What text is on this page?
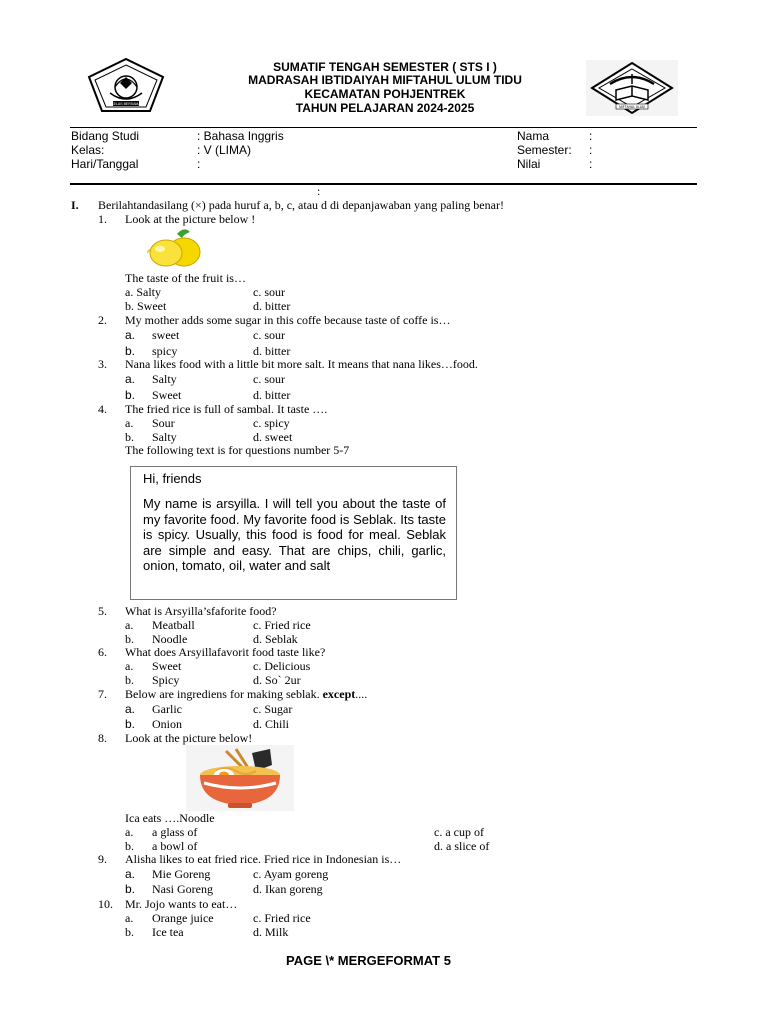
KELAS BERSAMA
MIFTAHUL ULUM
SUMATIF TENGAH SEMESTER ( STS I )
MADRASAH IBTIDAIYAH MIFTAHUL ULUM TIDU
KECAMATAN POHJENTREK
TAHUN PELAJARAN 2024-2025
Bidang Studi	: Bahasa Inggris
Kelas:	: V (LIMA)
Hari/Tanggal	:
Nama	:
Semester: :
Nilai	:
:
I. Berilahtandasilang (×) pada huruf a, b, c, atau d di depanjawaban yang paling benar!
1. Look at the picture below !
The taste of the fruit is…
a. Salty	c. sour
b. Sweet	d. bitter
2. My mother adds some sugar in this coffe because taste of coffe is…
a. sweet	c. sour
b. spicy	d. bitter
3. Nana likes food with a little bit more salt. It means that nana likes…food.
a. Salty	c. sour
b. Sweet	d. bitter
4. The fried rice is full of sambal. It taste ….
a. Sour	c. spicy
b. Salty	d. sweet
The following text is for questions number 5-7
Hi, friends
My name is arsyilla. I will tell you about the taste of my favorite food. My favorite food is Seblak. Its taste is spicy. Usually, this food is food for meal. Seblak are simple and easy. That are chips, chili, garlic, onion, tomato, oil, water and salt
5. What is Arsyilla’sfaforite food?
a. Meatball	c. Fried rice
b. Noodle	d. Seblak
6. What does Arsyillafavorit food taste like?
a. Sweet	c. Delicious
b. Spicy	d. So` 2ur
7. Below are ingrediens for making seblak. except....
a. Garlic	c. Sugar
b. Onion	d. Chili
8. Look at the picture below!
Ica eats ….Noodle
a. a glass of	c. a cup of
b. a bowl of	d. a slice of
9. Alisha likes to eat fried rice. Fried rice in Indonesian is…
a. Mie Goreng	c. Ayam goreng
b. Nasi Goreng	d. Ikan goreng
10. Mr. Jojo wants to eat…
a. Orange juice	c. Fried rice
b. Ice tea	d. Milk
PAGE \* MERGEFORMAT 5
